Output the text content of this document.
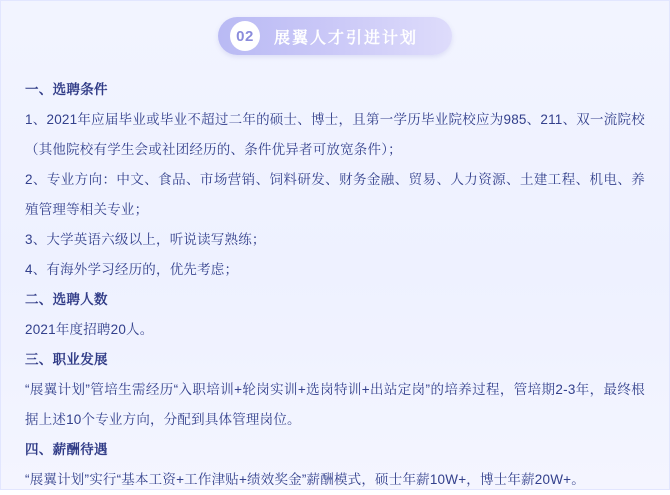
02	展翼人才引进计划
一、选聘条件
1、2021年应届毕业或毕业不超过二年的硕士、博士，且第一学历毕业院校应为985、211、双一流院校（其他院校有学生会或社团经历的、条件优异者可放宽条件）；
2、专业方向：中文、食品、市场营销、饲料研发、财务金融、贸易、人力资源、土建工程、机电、养殖管理等相关专业；
3、大学英语六级以上，听说读写熟练；
4、有海外学习经历的，优先考虑；
二、选聘人数
2021年度招聘20人。
三、职业发展
“展翼计划”管培生需经历“入职培训+轮岗实训+选岗特训+出站定岗”的培养过程，管培期2-3年，最终根据上述10个专业方向，分配到具体管理岗位。
四、薪酬待遇
“展翼计划”实行“基本工资+工作津贴+绩效奖金”薪酬模式，硕士年薪10W+，博士年薪20W+。
